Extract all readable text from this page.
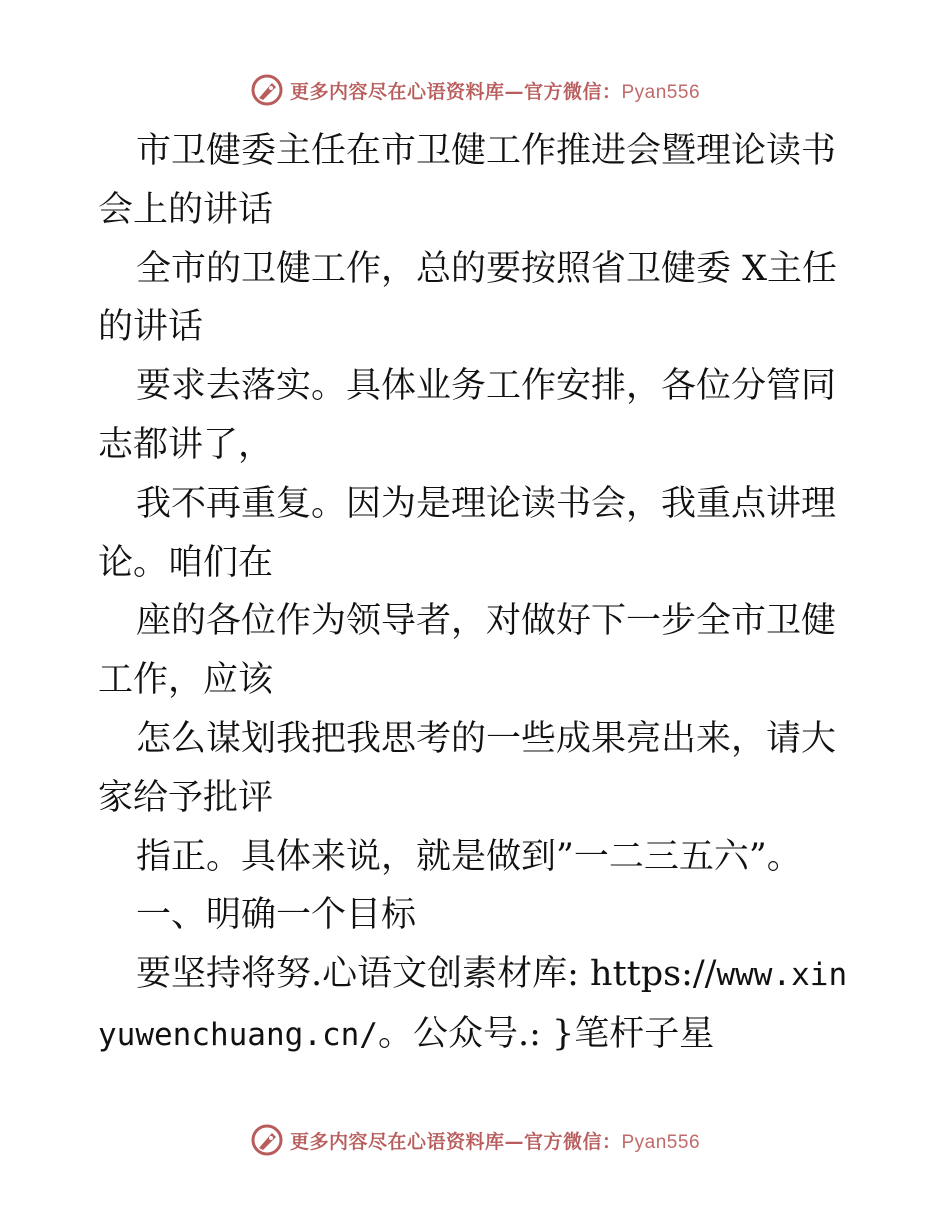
更多内容尽在心语资料库—官方微信：Pyan556

市卫健委主任在市卫健工作推进会暨理论读书会上的讲话

全市的卫健工作，总的要按照省卫健委 X主任的讲话

要求去落实。具体业务工作安排，各位分管同志都讲了，

我不再重复。因为是理论读书会，我重点讲理论。咱们在

座的各位作为领导者，对做好下一步全市卫健工作，应该

怎么谋划我把我思考的一些成果亮出来，请大家给予批评

指正。具体来说，就是做到”一二三五六”。

一、明确一个目标

要坚持将努.心语文创素材库: https://www.xinyuwenchuang.cn/。公众号.: }笔杆子星

更多内容尽在心语资料库—官方微信：Pyan556
